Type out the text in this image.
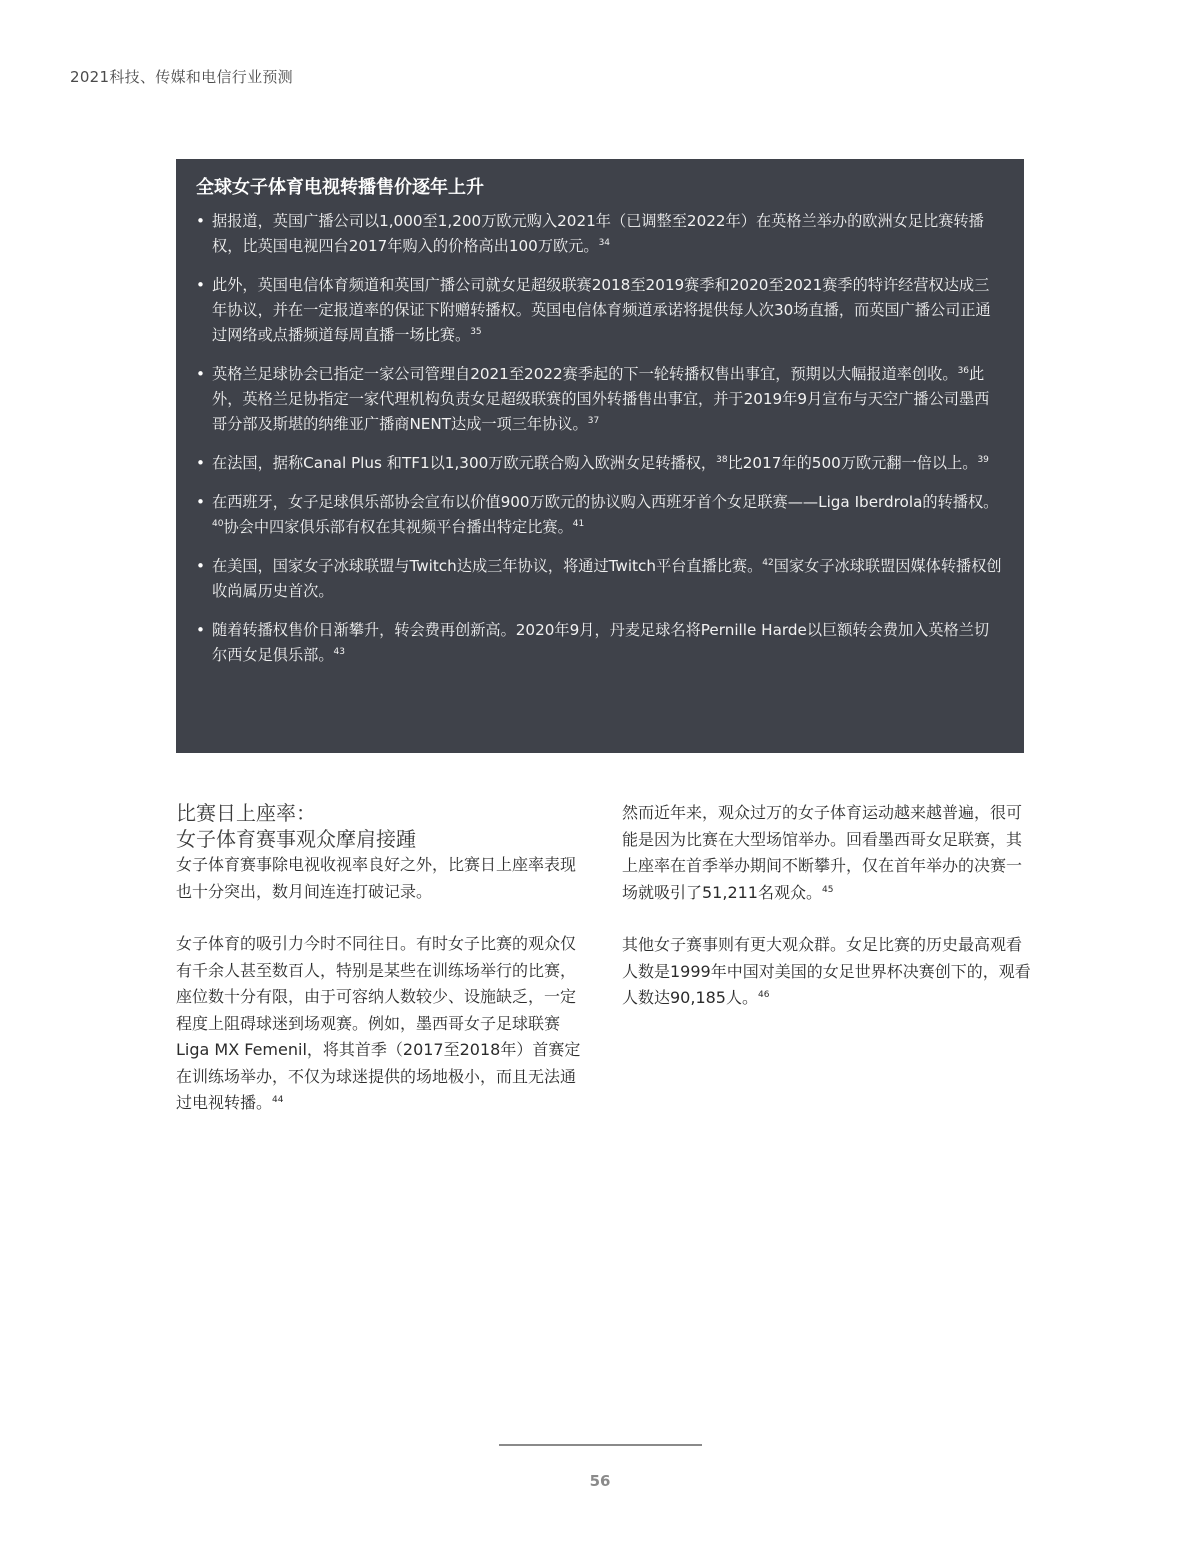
2021科技、传媒和电信行业预测
全球女子体育电视转播售价逐年上升
• 据报道，英国广播公司以1,000至1,200万欧元购入2021年（已调整至2022年）在英格兰举办的欧洲女足比赛转播权，比英国电视四台2017年购入的价格高出100万欧元。$^{34}$
• 此外，英国电信体育频道和英国广播公司就女足超级联赛2018至2019赛季和2020至2021赛季的特许经营权达成三年协议，并在一定报道率的保证下附赠转播权。英国电信体育频道承诺将提供每人次30场直播，而英国广播公司正通过网络或点播频道每周直播一场比赛。$^{35}$
• 英格兰足球协会已指定一家公司管理自2021至2022赛季起的下一轮转播权售出事宜，预期以大幅报道率创收。$^{36}$此外，英格兰足协指定一家代理机构负责女足超级联赛的国外转播售出事宜，并于2019年9月宣布与天空广播公司墨西哥分部及斯堪的纳维亚广播商NENT达成一项三年协议。$^{37}$
• 在法国，据称Canal Plus 和TF1以1,300万欧元联合购入欧洲女足转播权，$^{38}$比2017年的500万欧元翻一倍以上。$^{39}$
• 在西班牙，女子足球俱乐部协会宣布以价值900万欧元的协议购入西班牙首个女足联赛——Liga Iberdrola的转播权。$^{40}$协会中四家俱乐部有权在其视频平台播出特定比赛。$^{41}$
• 在美国，国家女子冰球联盟与Twitch达成三年协议，将通过Twitch平台直播比赛。$^{42}$国家女子冰球联盟因媒体转播权创收尚属历史首次。
• 随着转播权售价日渐攀升，转会费再创新高。2020年9月，丹麦足球名将Pernille Harde以巨额转会费加入英格兰切尔西女足俱乐部。$^{43}$
比赛日上座率：
女子体育赛事观众摩肩接踵

女子体育赛事除电视收视率良好之外，比赛日上座率表现也十分突出，数月间连连打破记录。

女子体育的吸引力今时不同往日。有时女子比赛的观众仅有千余人甚至数百人，特别是某些在训练场举行的比赛，座位数十分有限，由于可容纳人数较少、设施缺乏，一定程度上阻碍球迷到场观赛。例如，墨西哥女子足球联赛Liga MX Femenil，将其首季（2017至2018年）首赛定在训练场举办，不仅为球迷提供的场地极小，而且无法通过电视转播。$^{44}$

然而近年来，观众过万的女子体育运动越来越普遍，很可能是因为比赛在大型场馆举办。回看墨西哥女足联赛，其上座率在首季举办期间不断攀升，仅在首年举办的决赛一场就吸引了51,211名观众。$^{45}$

其他女子赛事则有更大观众群。女足比赛的历史最高观看人数是1999年中国对美国的女足世界杯决赛创下的，观看人数达90,185人。$^{46}$

56
